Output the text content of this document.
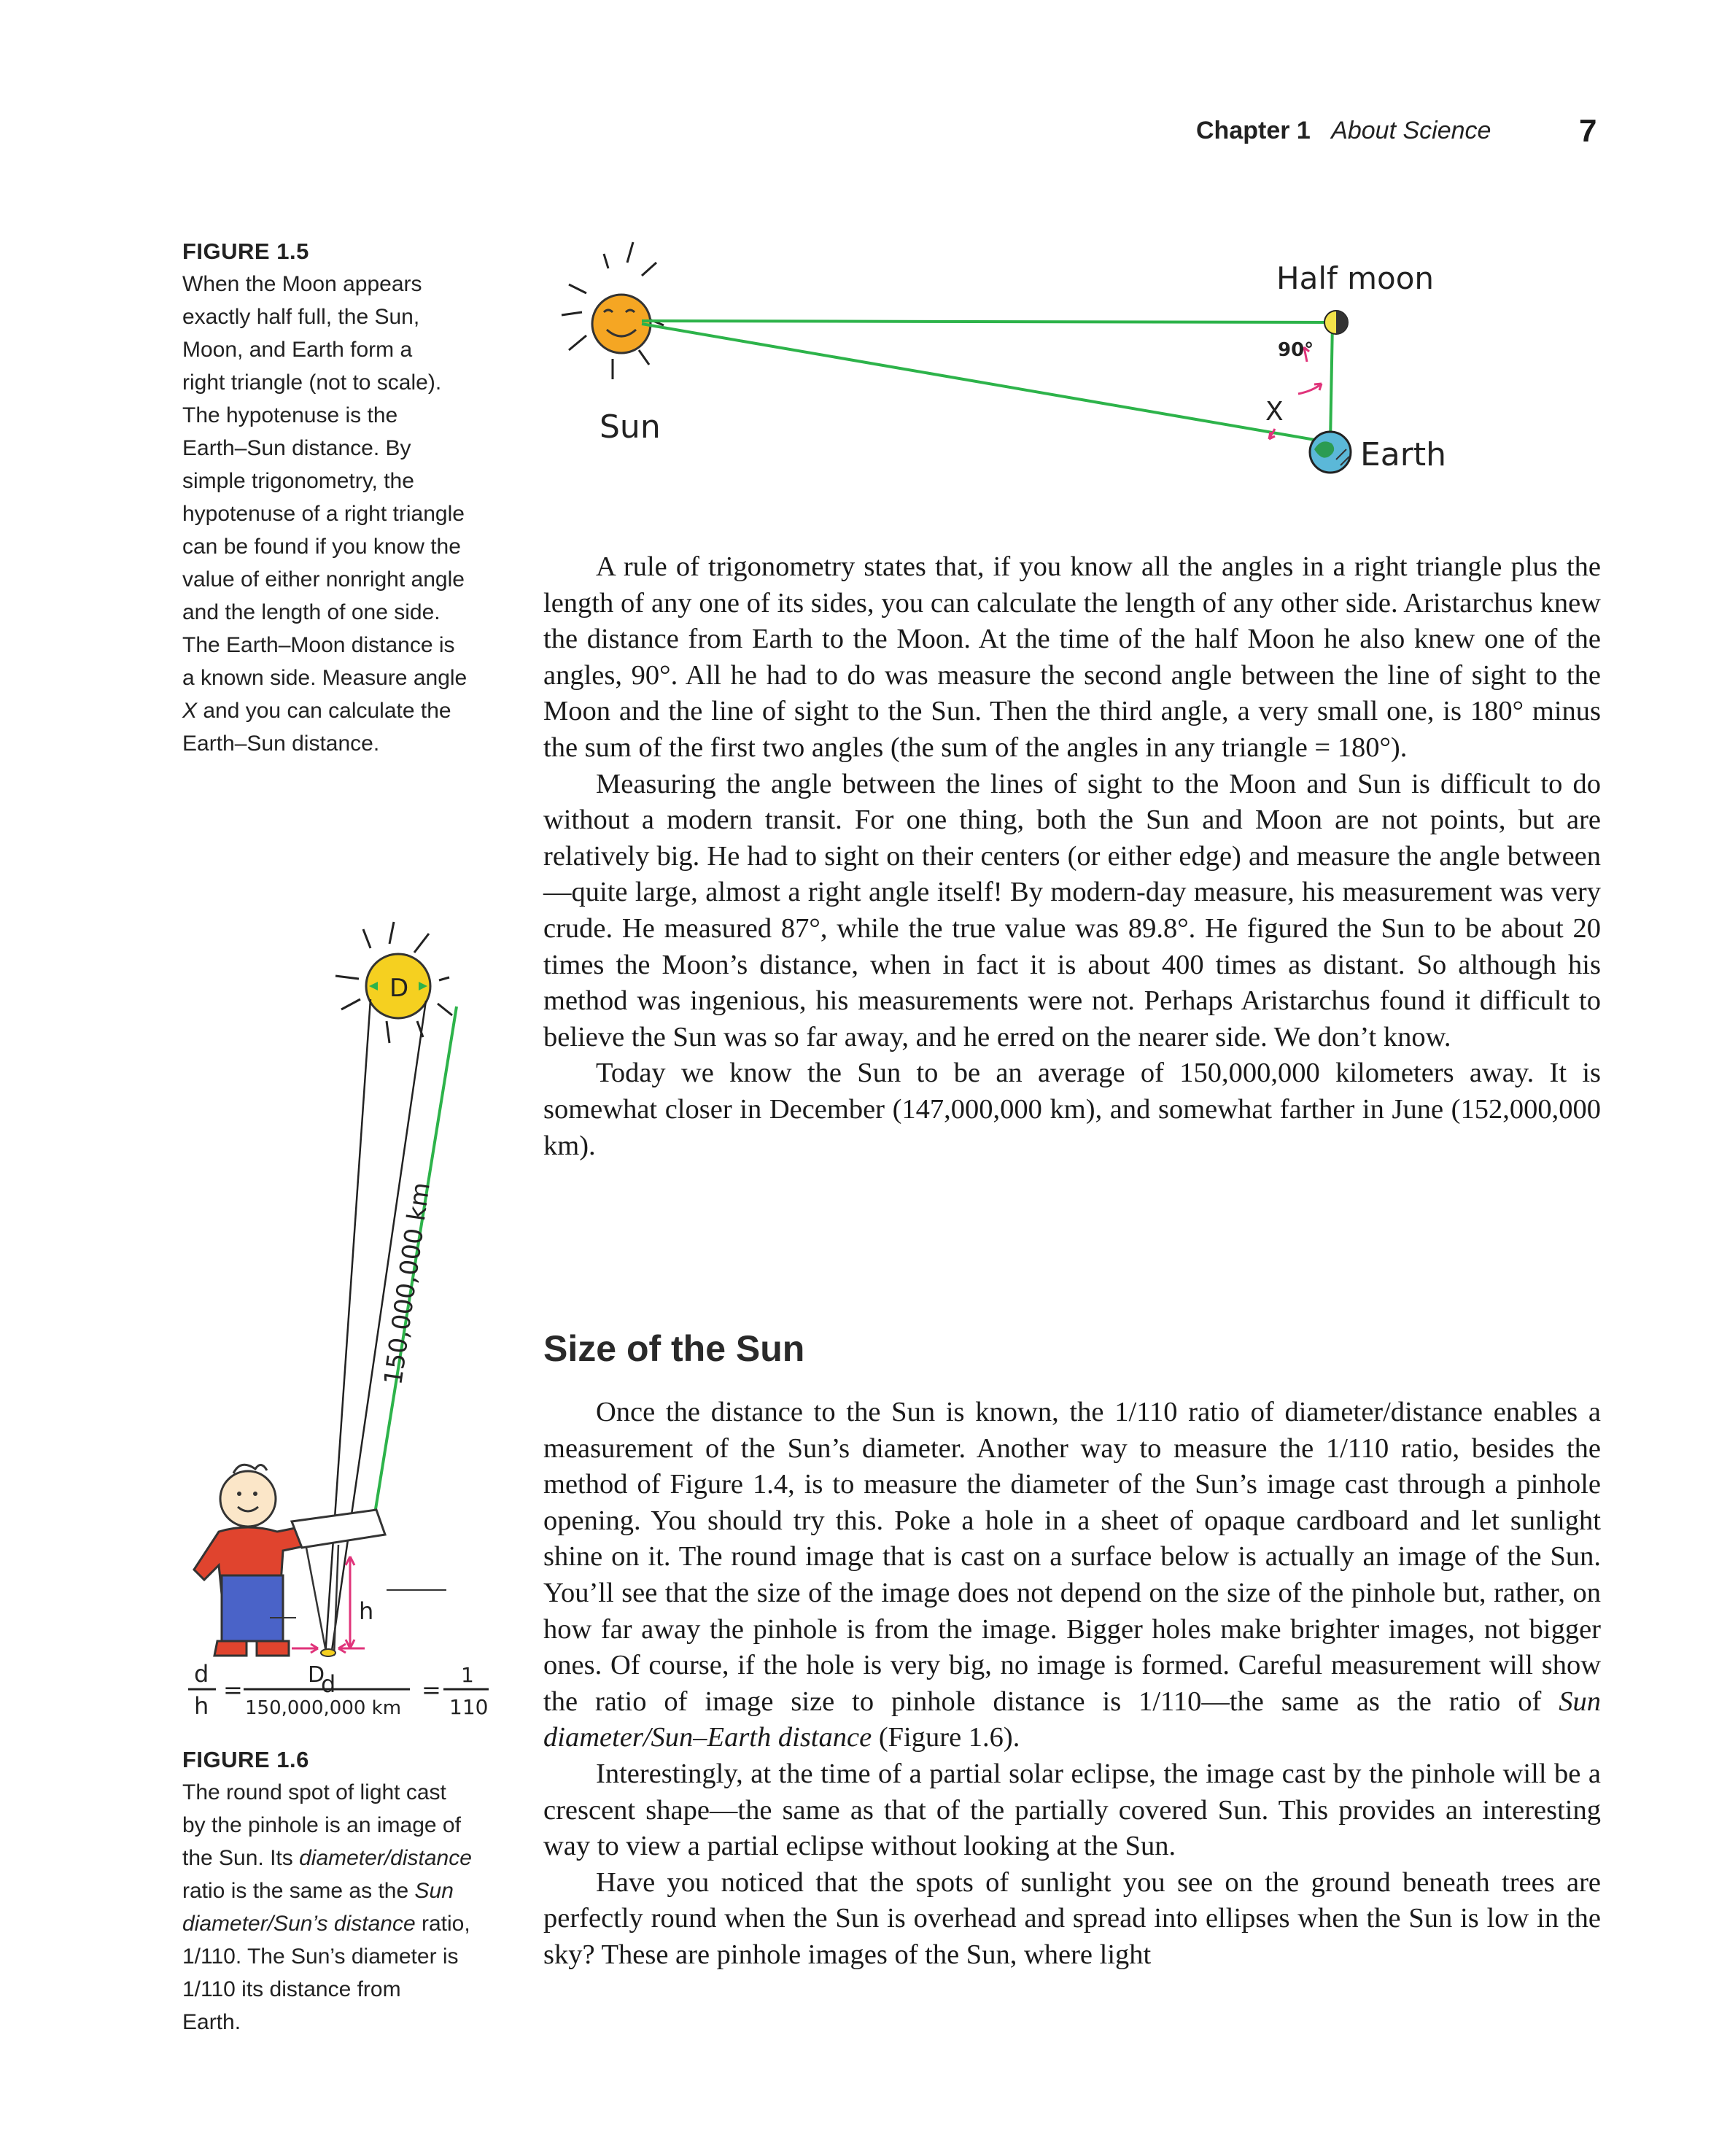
Chapter 1 About Science	7
FIGURE 1.5
When the Moon appears
exactly half full, the Sun,
Moon, and Earth form a
right triangle (not to scale).
The hypotenuse is the
Earth–Sun distance. By
simple trigonometry, the
hypotenuse of a right triangle
can be found if you know the
value of either nonright angle
and the length of one side.
The Earth–Moon distance is
a known side. Measure angle
X and you can calculate the
Earth–Sun distance.
Sun
Half moon
Earth
90°
X
D
150,000,000 km
h
d
d
h
=
D
150,000,000 km
=
1
110
FIGURE 1.6
The round spot of light cast
by the pinhole is an image of
the Sun. Its diameter/distance
ratio is the same as the Sun
diameter/Sun’s distance ratio,
1/110. The Sun’s diameter is
1/110 its distance from
Earth.

A rule of trigonometry states that, if you know all the angles in a right triangle plus the length of any one of its sides, you can calculate the length of any other side. Aristarchus knew the distance from Earth to the Moon. At the time of the half Moon he also knew one of the angles, 90°. All he had to do was measure the second angle between the line of sight to the Moon and the line of sight to the Sun. Then the third angle, a very small one, is 180° minus the sum of the first two angles (the sum of the angles in any triangle = 180°).

Measuring the angle between the lines of sight to the Moon and Sun is difficult to do without a modern transit. For one thing, both the Sun and Moon are not points, but are relatively big. He had to sight on their centers (or either edge) and measure the angle between—quite large, almost a right angle itself! By modern-day measure, his measurement was very crude. He measured 87°, while the true value was 89.8°. He figured the Sun to be about 20 times the Moon’s distance, when in fact it is about 400 times as distant. So although his method was ingenious, his measurements were not. Perhaps Aristarchus found it difficult to believe the Sun was so far away, and he erred on the nearer side. We don’t know.

Today we know the Sun to be an average of 150,000,000 kilometers away. It is somewhat closer in December (147,000,000 km), and somewhat farther in June (152,000,000 km).

Size of the Sun

Once the distance to the Sun is known, the 1/110 ratio of diameter/distance enables a measurement of the Sun’s diameter. Another way to measure the 1/110 ratio, besides the method of Figure 1.4, is to measure the diameter of the Sun’s image cast through a pinhole opening. You should try this. Poke a hole in a sheet of opaque cardboard and let sunlight shine on it. The round image that is cast on a surface below is actually an image of the Sun. You’ll see that the size of the image does not depend on the size of the pinhole but, rather, on how far away the pinhole is from the image. Bigger holes make brighter images, not bigger ones. Of course, if the hole is very big, no image is formed. Careful measurement will show the ratio of image size to pinhole distance is 1/110—the same as the ratio of Sun diameter/Sun–Earth distance (Figure 1.6).

Interestingly, at the time of a partial solar eclipse, the image cast by the pinhole will be a crescent shape—the same as that of the partially covered Sun. This provides an interesting way to view a partial eclipse without looking at the Sun.

Have you noticed that the spots of sunlight you see on the ground beneath trees are perfectly round when the Sun is overhead and spread into ellipses when the Sun is low in the sky? These are pinhole images of the Sun, where light
